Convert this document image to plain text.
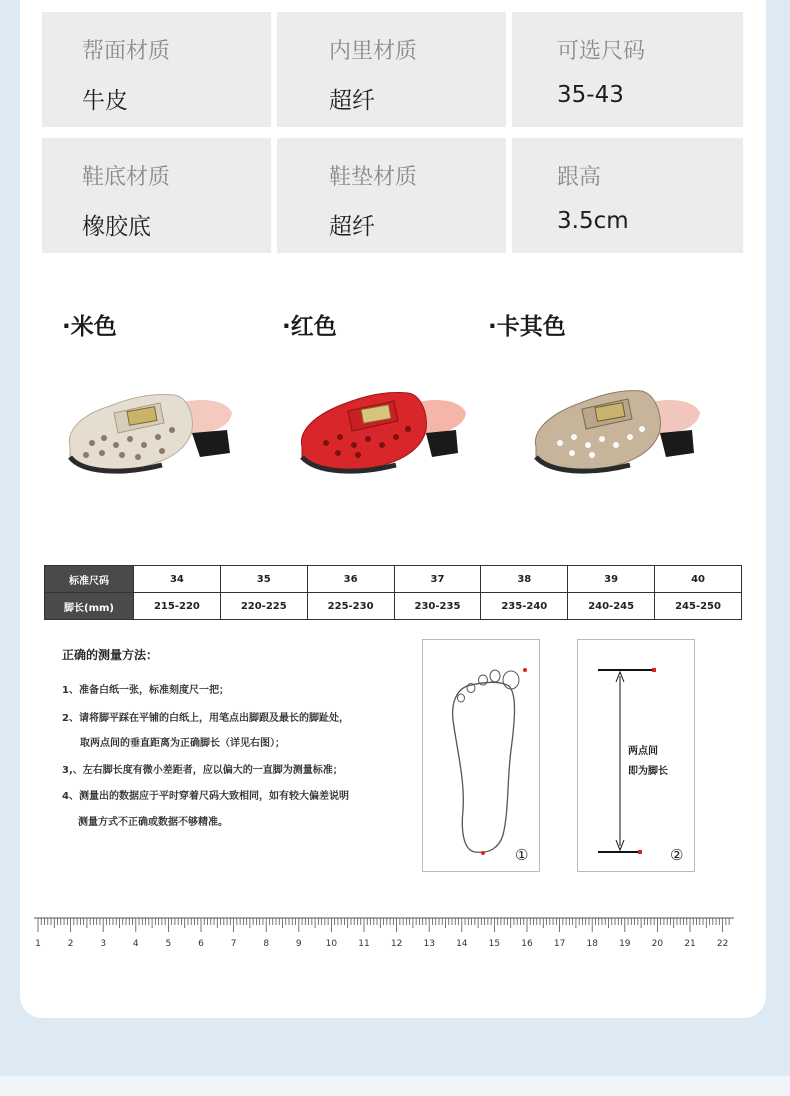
帮面材质
牛皮
内里材质
超纤
可选尺码
35-43
鞋底材质
橡胶底
鞋垫材质
超纤
跟高
3.5cm
·米色	·红色	·卡其色
标准尺码	34	35	36	37	38	39	40
脚长(mm)	215-220	220-225	225-230	230-235	235-240	240-245	245-250
正确的测量方法：
1、准备白纸一张，标准刻度尺一把；
2、请将脚平踩在平铺的白纸上，用笔点出脚跟及最长的脚趾处，
取两点间的垂直距离为正确脚长（详见右图）；
3,、左右脚长度有微小差距者，应以偏大的一直脚为测量标准；
4、测量出的数据应于平时穿着尺码大致相同，如有较大偏差说明
测量方式不正确或数据不够精准。
①
两点间
即为脚长
②
1	2	3	4	5	6	7	8	9	10 11 12 13 14 15 16 17 18 19 20 21 22
